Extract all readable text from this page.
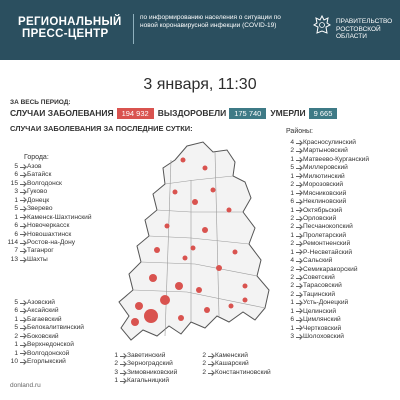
РЕГИОНАЛЬНЫЙ
ПРЕСС-ЦЕНТР
по информированию населения о ситуации по новой коронавирусной инфекции (COVID-19)
ПРАВИТЕЛЬСТВО
РОСТОВСКОЙ
ОБЛАСТИ
3 января, 11:30
ЗА ВЕСЬ ПЕРИОД:
СЛУЧАИ ЗАБОЛЕВАНИЯ 194 932 ВЫЗДОРОВЕЛИ 175 740 УМЕРЛИ 9 665
СЛУЧАИ ЗАБОЛЕВАНИЯ ЗА ПОСЛЕДНИЕ СУТКИ:
Города:
Районы:
5	Азов
6	Батайск
15	Волгодонск
3	Гуково
1	Донецк
5	Зверево
1	Каменск-Шахтинский
6	Новочеркасск
6	Новошахтинск
114	Ростов-на-Дону
7	Таганрог
13	Шахты
4	Красносулинский
2	Мартыновский
1	Матвеево-Курганский
5	Миллеровский
1	Милютинский
2	Морозовский
1	Мясниковский
6	Неклиновский
1	Октябрьский
2	Орловский
2	Песчанокопский
1	Пролетарский
2	Ремонтненский
1	Р-Несветайский
4	Сальский
2	Семикаракорский
2	Советский
2	Тарасовский
2	Тацинский
1	Усть-Донецкий
1	Целинский
6	Цимлянский
1	Чертковский
3	Шолоховский
5	Азовский
6	Аксайский
1	Багаевский
5	Белокалитвинский
2	Боковский
1	Верхнедонской
1	Волгодонской
10	Егорлыкский
1	Заветинский
2	Зерноградский
3	Зимовниковский
1	Кагальницкий
2	Каменский
2	Кашарский
2	Константиновский
donland.ru
